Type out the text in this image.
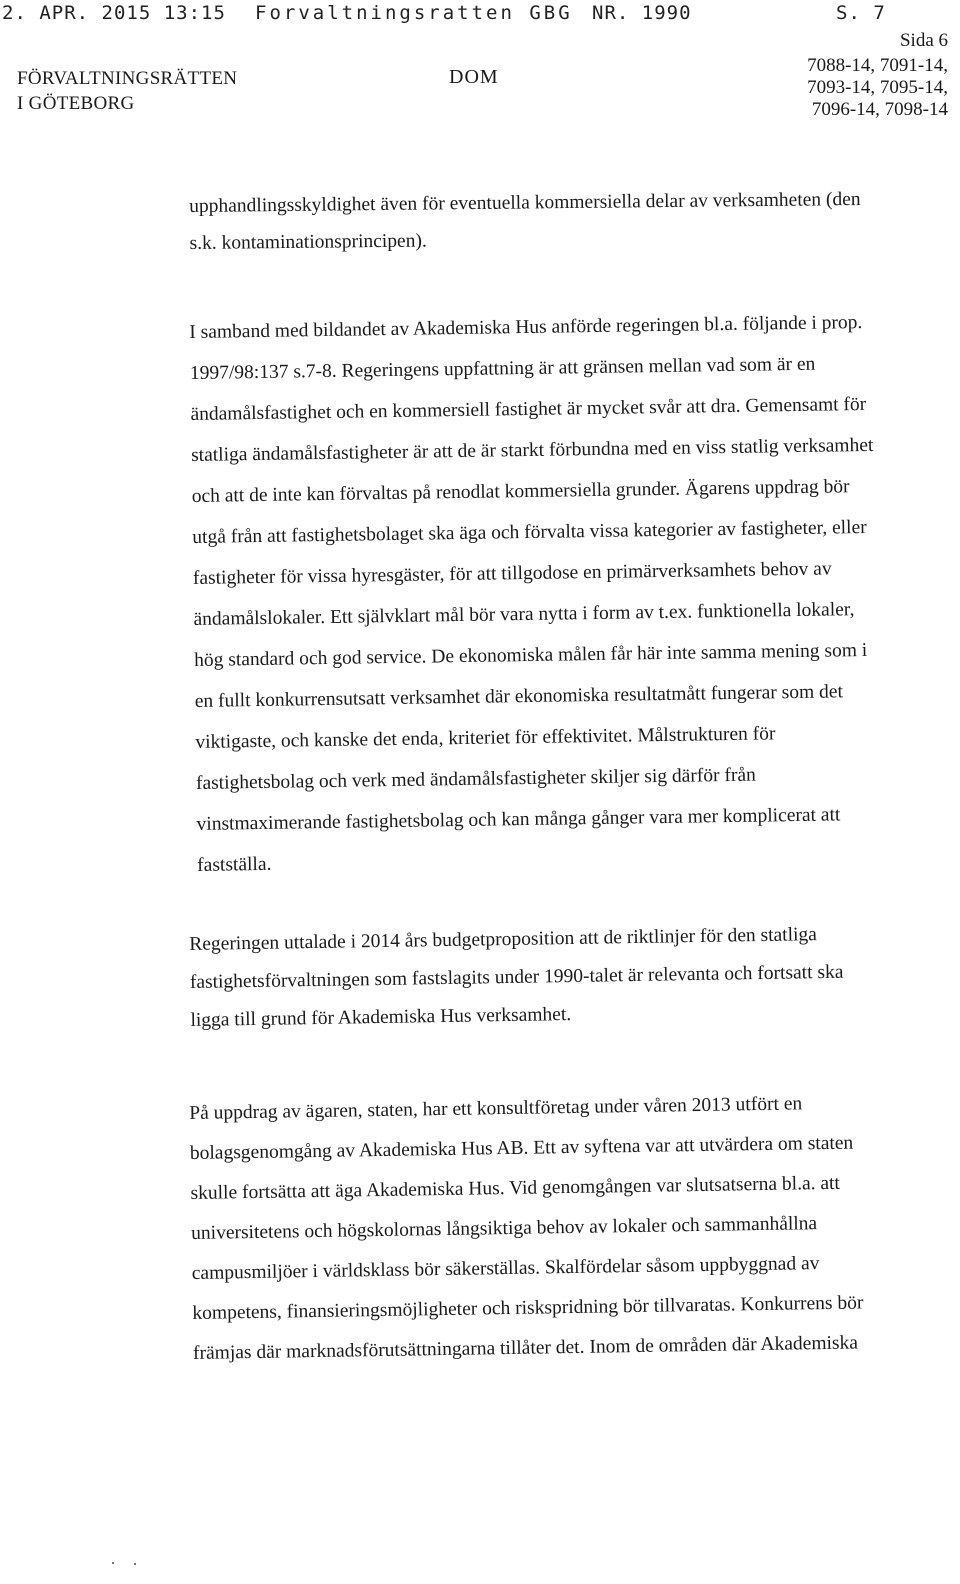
2. APR. 2015 13:15 Forvaltningsratten GBG NR. 1990	S. 7
Sida 6
FÖRVALTNINGSRÄTTEN
I GÖTEBORG
DOM
7088-14, 7091-14,
7093-14, 7095-14,
7096-14, 7098-14

upphandlingsskyldighet även för eventuella kommersiella delar av verksamheten (den s.k. kontaminationsprincipen).

I samband med bildandet av Akademiska Hus anförde regeringen bl.a. följande i prop. 1997/98:137 s.7-8. Regeringens uppfattning är att gränsen mellan vad som är en ändamålsfastighet och en kommersiell fastighet är mycket svår att dra. Gemensamt för statliga ändamålsfastigheter är att de är starkt förbundna med en viss statlig verksamhet och att de inte kan förvaltas på renodlat kommersiella grunder. Ägarens uppdrag bör utgå från att fastighetsbolaget ska äga och förvalta vissa kategorier av fastigheter, eller fastigheter för vissa hyresgäster, för att tillgodose en primärverksamhets behov av ändamålslokaler. Ett självklart mål bör vara nytta i form av t.ex. funktionella lokaler, hög standard och god service. De ekonomiska målen får här inte samma mening som i en fullt konkurrensutsatt verksamhet där ekonomiska resultatmått fungerar som det viktigaste, och kanske det enda, kriteriet för effektivitet. Målstrukturen för fastighetsbolag och verk med ändamålsfastigheter skiljer sig därför från vinstmaximerande fastighetsbolag och kan många gånger vara mer komplicerat att fastställa.

Regeringen uttalade i 2014 års budgetproposition att de riktlinjer för den statliga fastighetsförvaltningen som fastslagits under 1990-talet är relevanta och fortsatt ska ligga till grund för Akademiska Hus verksamhet.

På uppdrag av ägaren, staten, har ett konsultföretag under våren 2013 utfört en bolagsgenomgång av Akademiska Hus AB. Ett av syftena var att utvärdera om staten skulle fortsätta att äga Akademiska Hus. Vid genomgången var slutsatserna bl.a. att universitetens och högskolornas långsiktiga behov av lokaler och sammanhållna campusmiljöer i världsklass bör säkerställas. Skalfördelar såsom uppbyggnad av kompetens, finansieringsmöjligheter och riskspridning bör tillvaratas. Konkurrens bör främjas där marknadsförutsättningarna tillåter det. Inom de områden där Akademiska
